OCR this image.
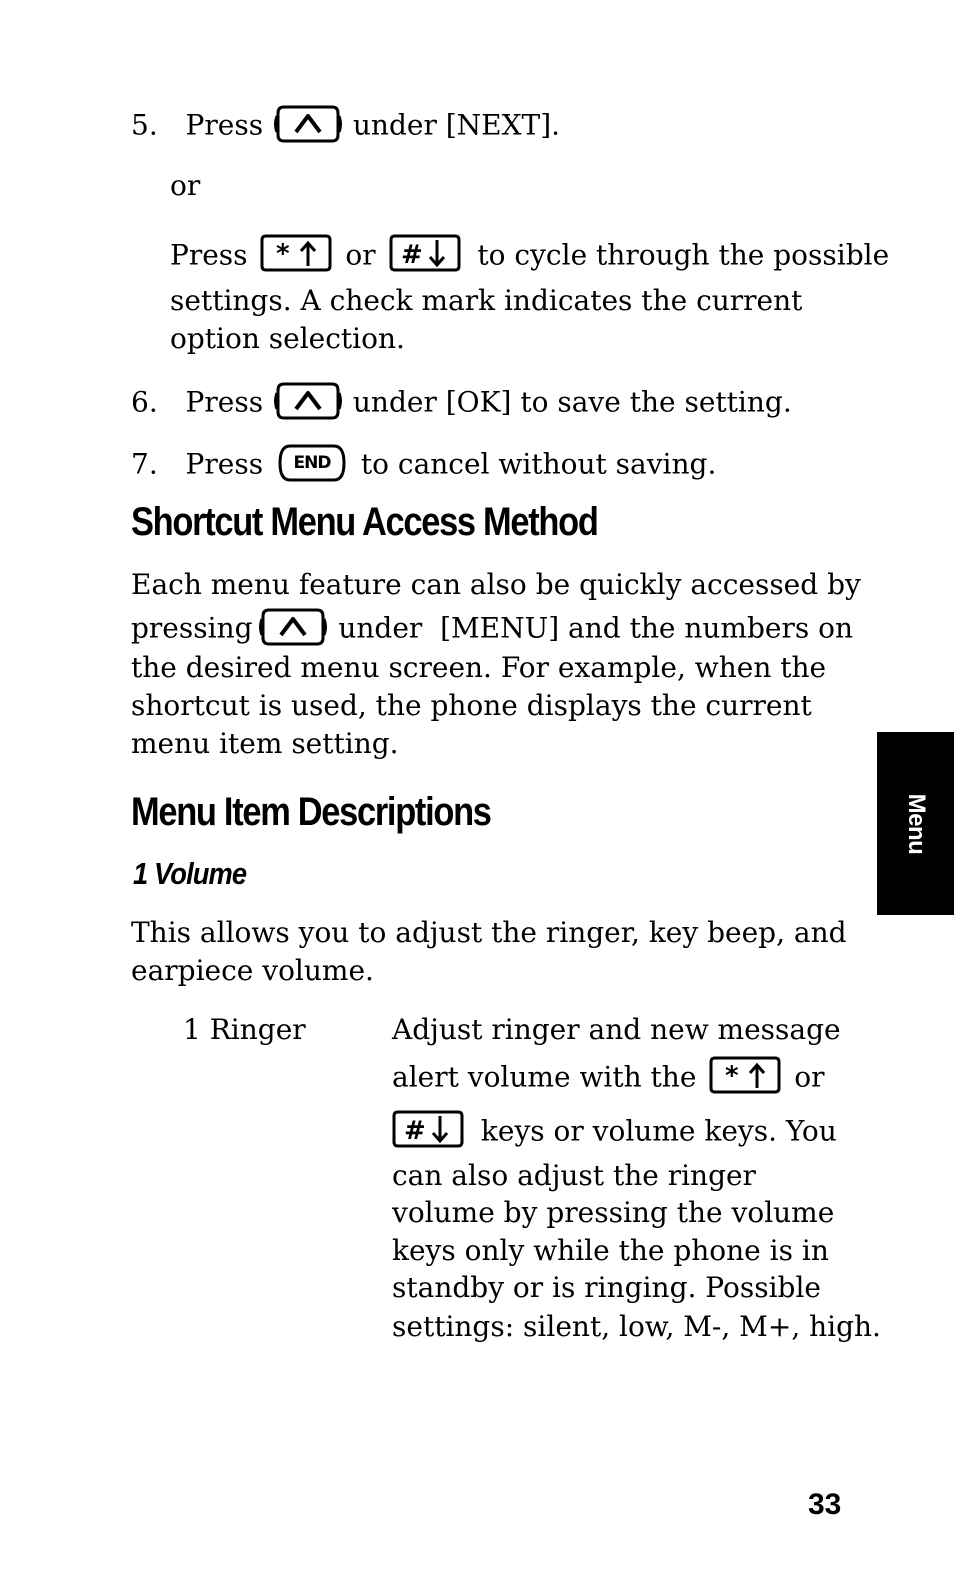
5. Press	under [NEXT].
or
Press	or	to cycle through the possible
settings. A check mark indicates the current
option selection.
6. Press	under [OK] to save the setting.
7. Press	END	to cancel without saving.
Shortcut Menu Access Method
Each menu feature can also be quickly accessed by
pressing	under  [MENU] and the numbers on
the desired menu screen. For example, when the
shortcut is used, the phone displays the current
menu item setting.
Menu Item Descriptions
1 Volume
This allows you to adjust the ringer, key beep, and
earpiece volume.
1 Ringer	Adjust ringer and new message
alert volume with the	or
keys or volume keys. You
can also adjust the ringer
volume by pressing the volume
keys only while the phone is in
standby or is ringing. Possible
settings: silent, low, M-, M+, high.
Menu
33
